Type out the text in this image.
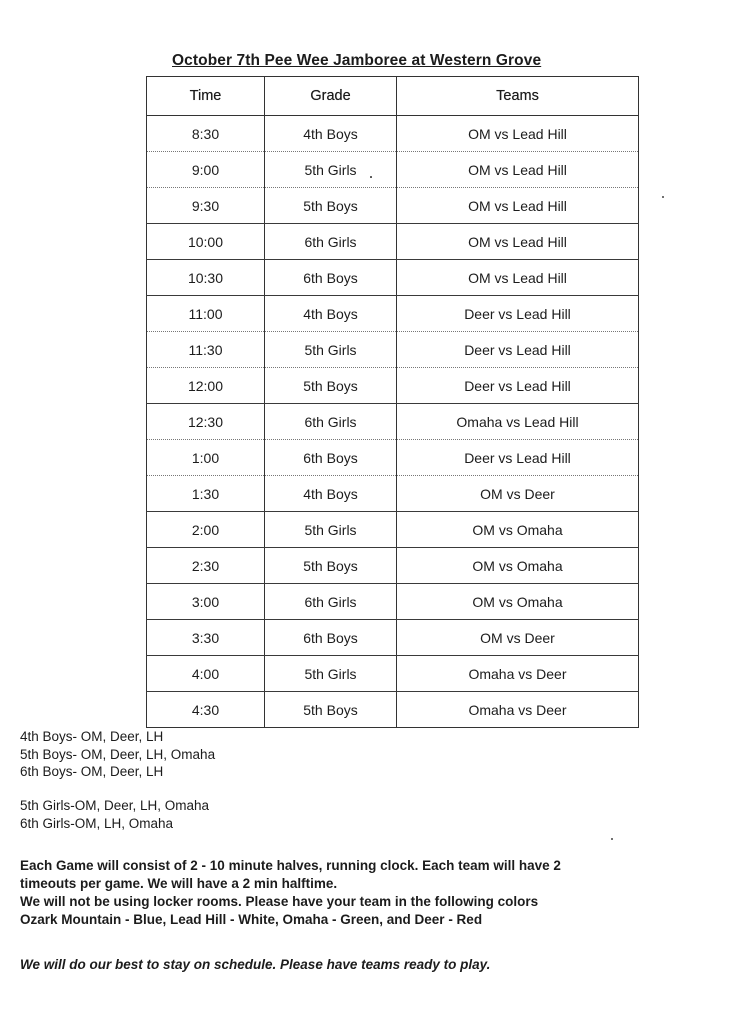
October 7th Pee Wee Jamboree at Western Grove
Time	Grade	Teams
8:30	4th Boys	OM vs Lead Hill
9:00	5th Girls	OM vs Lead Hill
9:30	5th Boys	OM vs Lead Hill
10:00	6th Girls	OM vs Lead Hill
10:30	6th Boys	OM vs Lead Hill
11:00	4th Boys	Deer vs Lead Hill
11:30	5th Girls	Deer vs Lead Hill
12:00	5th Boys	Deer vs Lead Hill
12:30	6th Girls	Omaha vs Lead Hill
1:00	6th Boys	Deer vs Lead Hill
1:30	4th Boys	OM vs Deer
2:00	5th Girls	OM vs Omaha
2:30	5th Boys	OM vs Omaha
3:00	6th Girls	OM vs Omaha
3:30	6th Boys	OM vs Deer
4:00	5th Girls	Omaha vs Deer
4:30	5th Boys	Omaha vs Deer
4th Boys- OM, Deer, LH
5th Boys- OM, Deer, LH, Omaha
6th Boys- OM, Deer, LH
5th Girls-OM, Deer, LH, Omaha
6th Girls-OM, LH, Omaha
Each Game will consist of 2 - 10 minute halves, running clock. Each team will have 2
timeouts per game. We will have a 2 min halftime.
We will not be using locker rooms. Please have your team in the following colors
Ozark Mountain - Blue, Lead Hill - White, Omaha - Green, and Deer - Red
We will do our best to stay on schedule. Please have teams ready to play.
